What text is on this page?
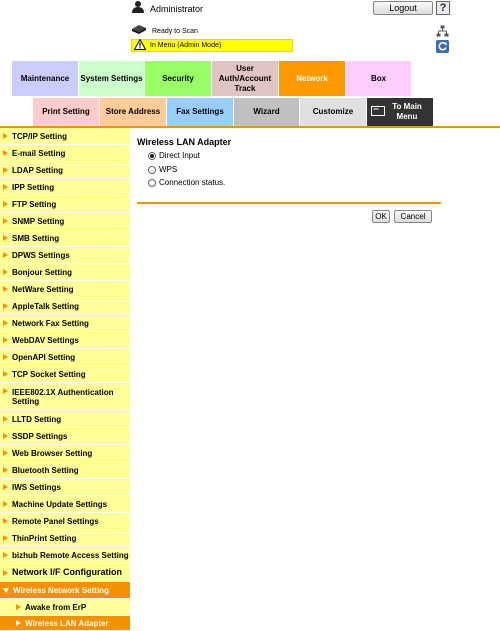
Administrator	Logout	?
Ready to Scan
In Menu (Admin Mode)
Maintenance System Settings Security
User Auth/Account Track
Network	Box
Print Setting Store Address Fax Settings	Wizard	Customize
To Main Menu
TCP/IP Setting
E-mail Setting
LDAP Setting
IPP Setting
FTP Setting
SNMP Setting
SMB Setting
DPWS Settings
Bonjour Setting
NetWare Setting
AppleTalk Setting
Network Fax Setting
WebDAV Settings
OpenAPI Setting
TCP Socket Setting
IEEE802.1X Authentication Setting
LLTD Setting
SSDP Settings
Web Browser Setting
Bluetooth Setting
IWS Settings
Machine Update Settings
Remote Panel Settings
ThinPrint Setting
bizhub Remote Access Setting
Network I/F Configuration
Wireless Network Setting
Awake from ErP
Wireless LAN Adapter
Wireless LAN Adapter
Direct Input
WPS
Connection status.
OK	Cancel
